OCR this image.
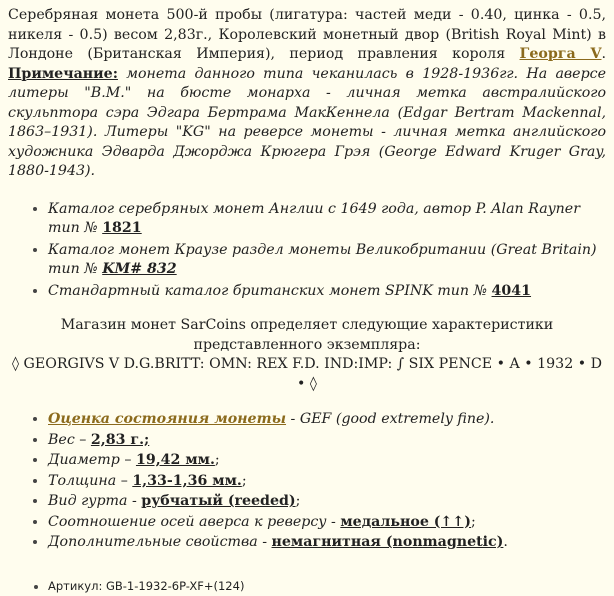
Серебряная монета 500-й пробы (лигатура: частей меди - 0.40, цинка - 0.5, никеля - 0.5) весом 2,83г., Королевский монетный двор (British Royal Mint) в Лондоне (Британская Империя), период правления короля Георга V. Примечание: монета данного типа чеканилась в 1928-1936гг. На аверсе литеры "B.M." на бюсте монарха - личная метка австралийского скульптора сэра Эдгара Бертрама МакКеннела (Edgar Bertram Mackennal, 1863–1931). Литеры "KG" на реверсе монеты - личная метка английского художника Эдварда Джорджа Крюгера Грэя (George Edward Kruger Gray, 1880-1943).

• Каталог серебряных монет Англии с 1649 года, автор P. Alan Rayner тип № 1821
• Каталог монет Краузе раздел монеты Великобритании (Great Britain) тип № KM# 832
• Стандартный каталог британских монет SPINK тип № 4041
Магазин монет SarCoins определяет следующие характеристики представленного экземпляра:
◊ GEORGIVS V D.G.BRITT: OMN: REX F.D. IND:IMP: ∫ SIX PENCE • A • 1932 • D • ◊
• Оценка состояния монеты - GEF (good extremely fine).
• Вес – 2,83 г.;
• Диаметр – 19,42 мм.;
• Толщина – 1,33-1,36 мм.;
• Вид гурта - рубчатый (reeded);
• Соотношение осей аверса к реверсу - медальное (↑↑);
• Дополнительные свойства - немагнитная (nonmagnetic).
• Артикул: GB-1-1932-6P-XF+(124)
